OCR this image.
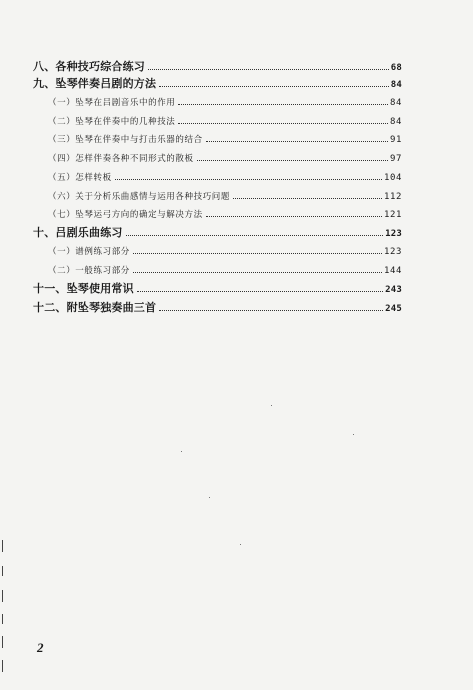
八、各种技巧综合练习	68
九、坠琴伴奏吕剧的方法	84
（一）坠琴在吕剧音乐中的作用	84
（二）坠琴在伴奏中的几种技法	84
（三）坠琴在伴奏中与打击乐器的结合	91
（四）怎样伴奏各种不同形式的散板	97
（五）怎样转板	104
（六）关于分析乐曲感情与运用各种技巧问题	112
（七）坠琴运弓方向的确定与解决方法	121
十、吕剧乐曲练习	123
（一）谱例练习部分	123
（二）一般练习部分	144
十一、坠琴使用常识	243
十二、附坠琴独奏曲三首	245
2
